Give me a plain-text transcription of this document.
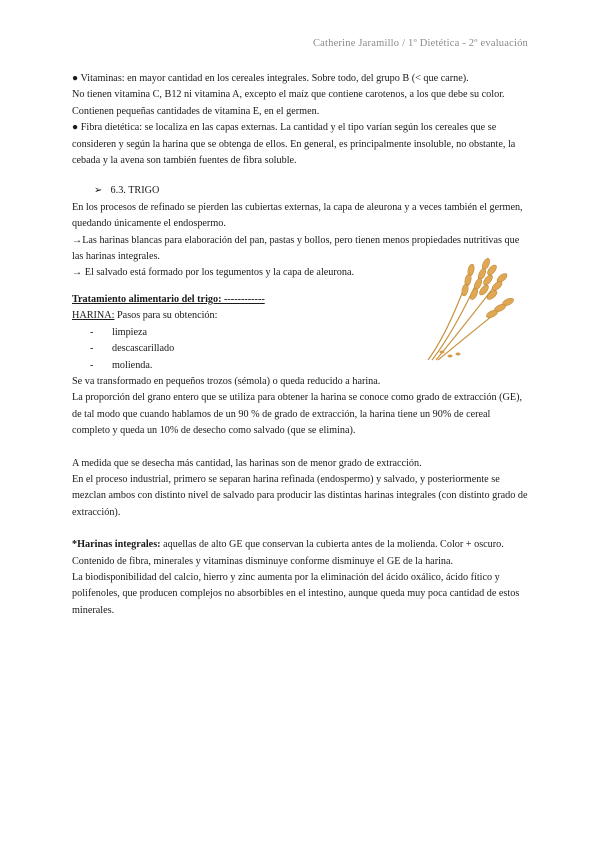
Catherine Jaramillo / 1º Dietética - 2º evaluación

● Vitaminas: en mayor cantidad en los cereales integrales. Sobre todo, del grupo B (< que carne).

No tienen vitamina C, B12 ni vitamina A, excepto el maíz que contiene carotenos, a los que debe su color. Contienen pequeñas cantidades de vitamina E, en el germen.

● Fibra dietética: se localiza en las capas externas. La cantidad y el tipo varían según los cereales que se consideren y según la harina que se obtenga de ellos. En general, es principalmente insoluble, no obstante, la cebada y la avena son también fuentes de fibra soluble.

➢ 6.3. TRIGO

En los procesos de refinado se pierden las cubiertas externas, la capa de aleurona y a veces también el germen, quedando únicamente el endospermo.

→Las harinas blancas para elaboración del pan, pastas y bollos, pero tienen menos propiedades nutritivas que las harinas integrales.

→ El salvado está formado por los tegumentos y la capa de aleurona.

Tratamiento alimentario del trigo: ------------

HARINA: Pasos para su obtención:

-	limpieza
-	descascarillado
-	molienda.

Se va transformado en pequeños trozos (sémola) o queda reducido a harina.

La proporción del grano entero que se utiliza para obtener la harina se conoce como grado de extracción (GE), de tal modo que cuando hablamos de un 90 % de grado de extracción, la harina tiene un 90% de cereal completo y queda un 10% de desecho como salvado (que se elimina).

A medida que se desecha más cantidad, las harinas son de menor grado de extracción.

En el proceso industrial, primero se separan harina refinada (endospermo) y salvado, y posteriormente se mezclan ambos con distinto nivel de salvado para producir las distintas harinas integrales (con distinto grado de extracción).

*Harinas integrales: aquellas de alto GE que conservan la cubierta antes de la molienda. Color + oscuro. Contenido de fibra, minerales y vitaminas disminuye conforme disminuye el GE de la harina.

La biodisponibilidad del calcio, hierro y zinc aumenta por la eliminación del ácido oxálico, ácido fítico y polifenoles, que producen complejos no absorbibles en el intestino, aunque queda muy poca cantidad de estos minerales.
